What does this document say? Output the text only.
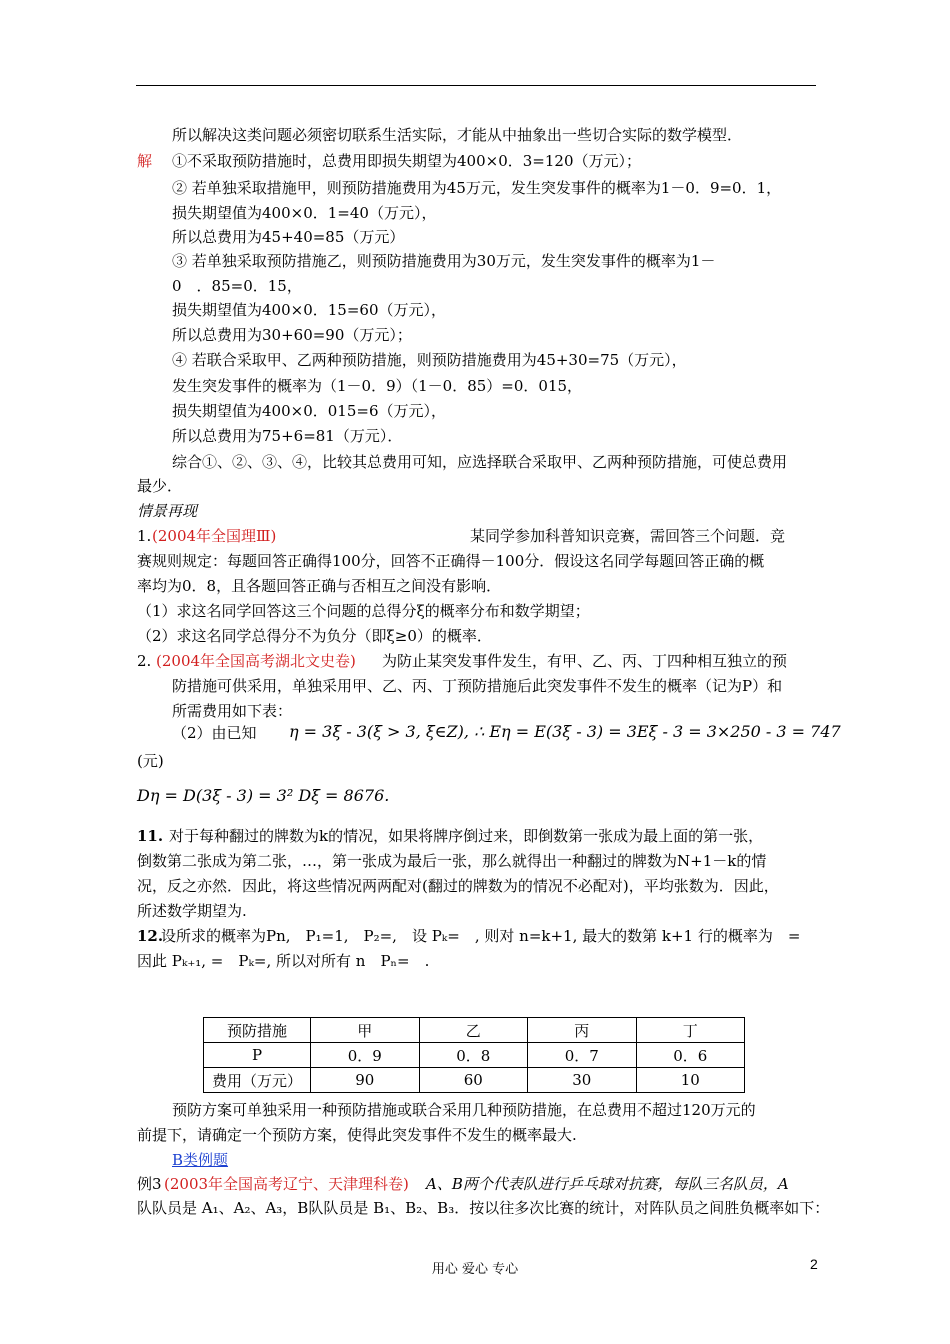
所以解决这类问题必须密切联系生活实际，才能从中抽象出一些切合实际的数学模型．
解 ①不采取预防措施时，总费用即损失期望为400×0．3=120（万元）；
② 若单独采取措施甲，则预防措施费用为45万元，发生突发事件的概率为1－0．9=0．1，
损失期望值为400×0．1=40（万元），
所以总费用为45+40=85（万元）
③ 若单独采取预防措施乙，则预防措施费用为30万元，发生突发事件的概率为1－
0　．85=0．15，
损失期望值为400×0．15=60（万元），
所以总费用为30+60=90（万元）；
④ 若联合采取甲、乙两种预防措施，则预防措施费用为45+30=75（万元），
发生突发事件的概率为（1－0．9）（1－0．85）=0．015，
损失期望值为400×0．015=6（万元），
所以总费用为75+6=81（万元）．
综合①、②、③、④，比较其总费用可知，应选择联合采取甲、乙两种预防措施，可使总费用
最少．
情景再现
1. (2004年全国理Ⅲ)	某同学参加科普知识竞赛，需回答三个问题．竞
赛规则规定：每题回答正确得100分，回答不正确得－100分．假设这名同学每题回答正确的概
率均为0．8，且各题回答正确与否相互之间没有影响．
（1）求这名同学回答这三个问题的总得分ξ的概率分布和数学期望；
（2）求这名同学总得分不为负分（即ξ≥0）的概率．
2. (2004年全国高考湖北文史卷) 为防止某突发事件发生，有甲、乙、丙、丁四种相互独立的预
防措施可供采用，单独采用甲、乙、丙、丁预防措施后此突发事件不发生的概率（记为P）和
所需费用如下表：
（2）由已知 η = 3ξ - 3(ξ > 3, ξ∈Z), ∴ Eη = E(3ξ - 3) = 3Eξ - 3 = 3×250 - 3 = 747
(元)
Dη = D(3ξ - 3) = 3² Dξ = 8676.
11. 对于每种翻过的牌数为k的情况，如果将牌序倒过来，即倒数第一张成为最上面的第一张，
倒数第二张成为第二张，…，第一张成为最后一张，那么就得出一种翻过的牌数为N+1－k的情
况，反之亦然．因此，将这些情况两两配对(翻过的牌数为的情况不必配对)，平均张数为．因此，
所述数学期望为.
12.
设所求的概率为Pn,　P₁=1,　P₂=,　设 Pₖ=　, 则对 n=k+1, 最大的数第 k+1 行的概率为　=
因此 Pₖ₊₁, =　Pₖ=, 所以对所有 n　Pₙ=　.
预防措施	甲	乙	丙	丁
P	0．9	0．8	0．7	0．6
费用（万元）	90	60	30	10
预防方案可单独采用一种预防措施或联合采用几种预防措施，在总费用不超过120万元的
前提下，请确定一个预防方案，使得此突发事件不发生的概率最大.
B类例题
例3 (2003年全国高考辽宁、天津理科卷) A、B两个代表队进行乒乓球对抗赛，每队三名队员，A
队队员是 A₁、A₂、A₃，B队队员是 B₁、B₂、B₃．按以往多次比赛的统计，对阵队员之间胜负概率如下：
用心 爱心 专心	2
